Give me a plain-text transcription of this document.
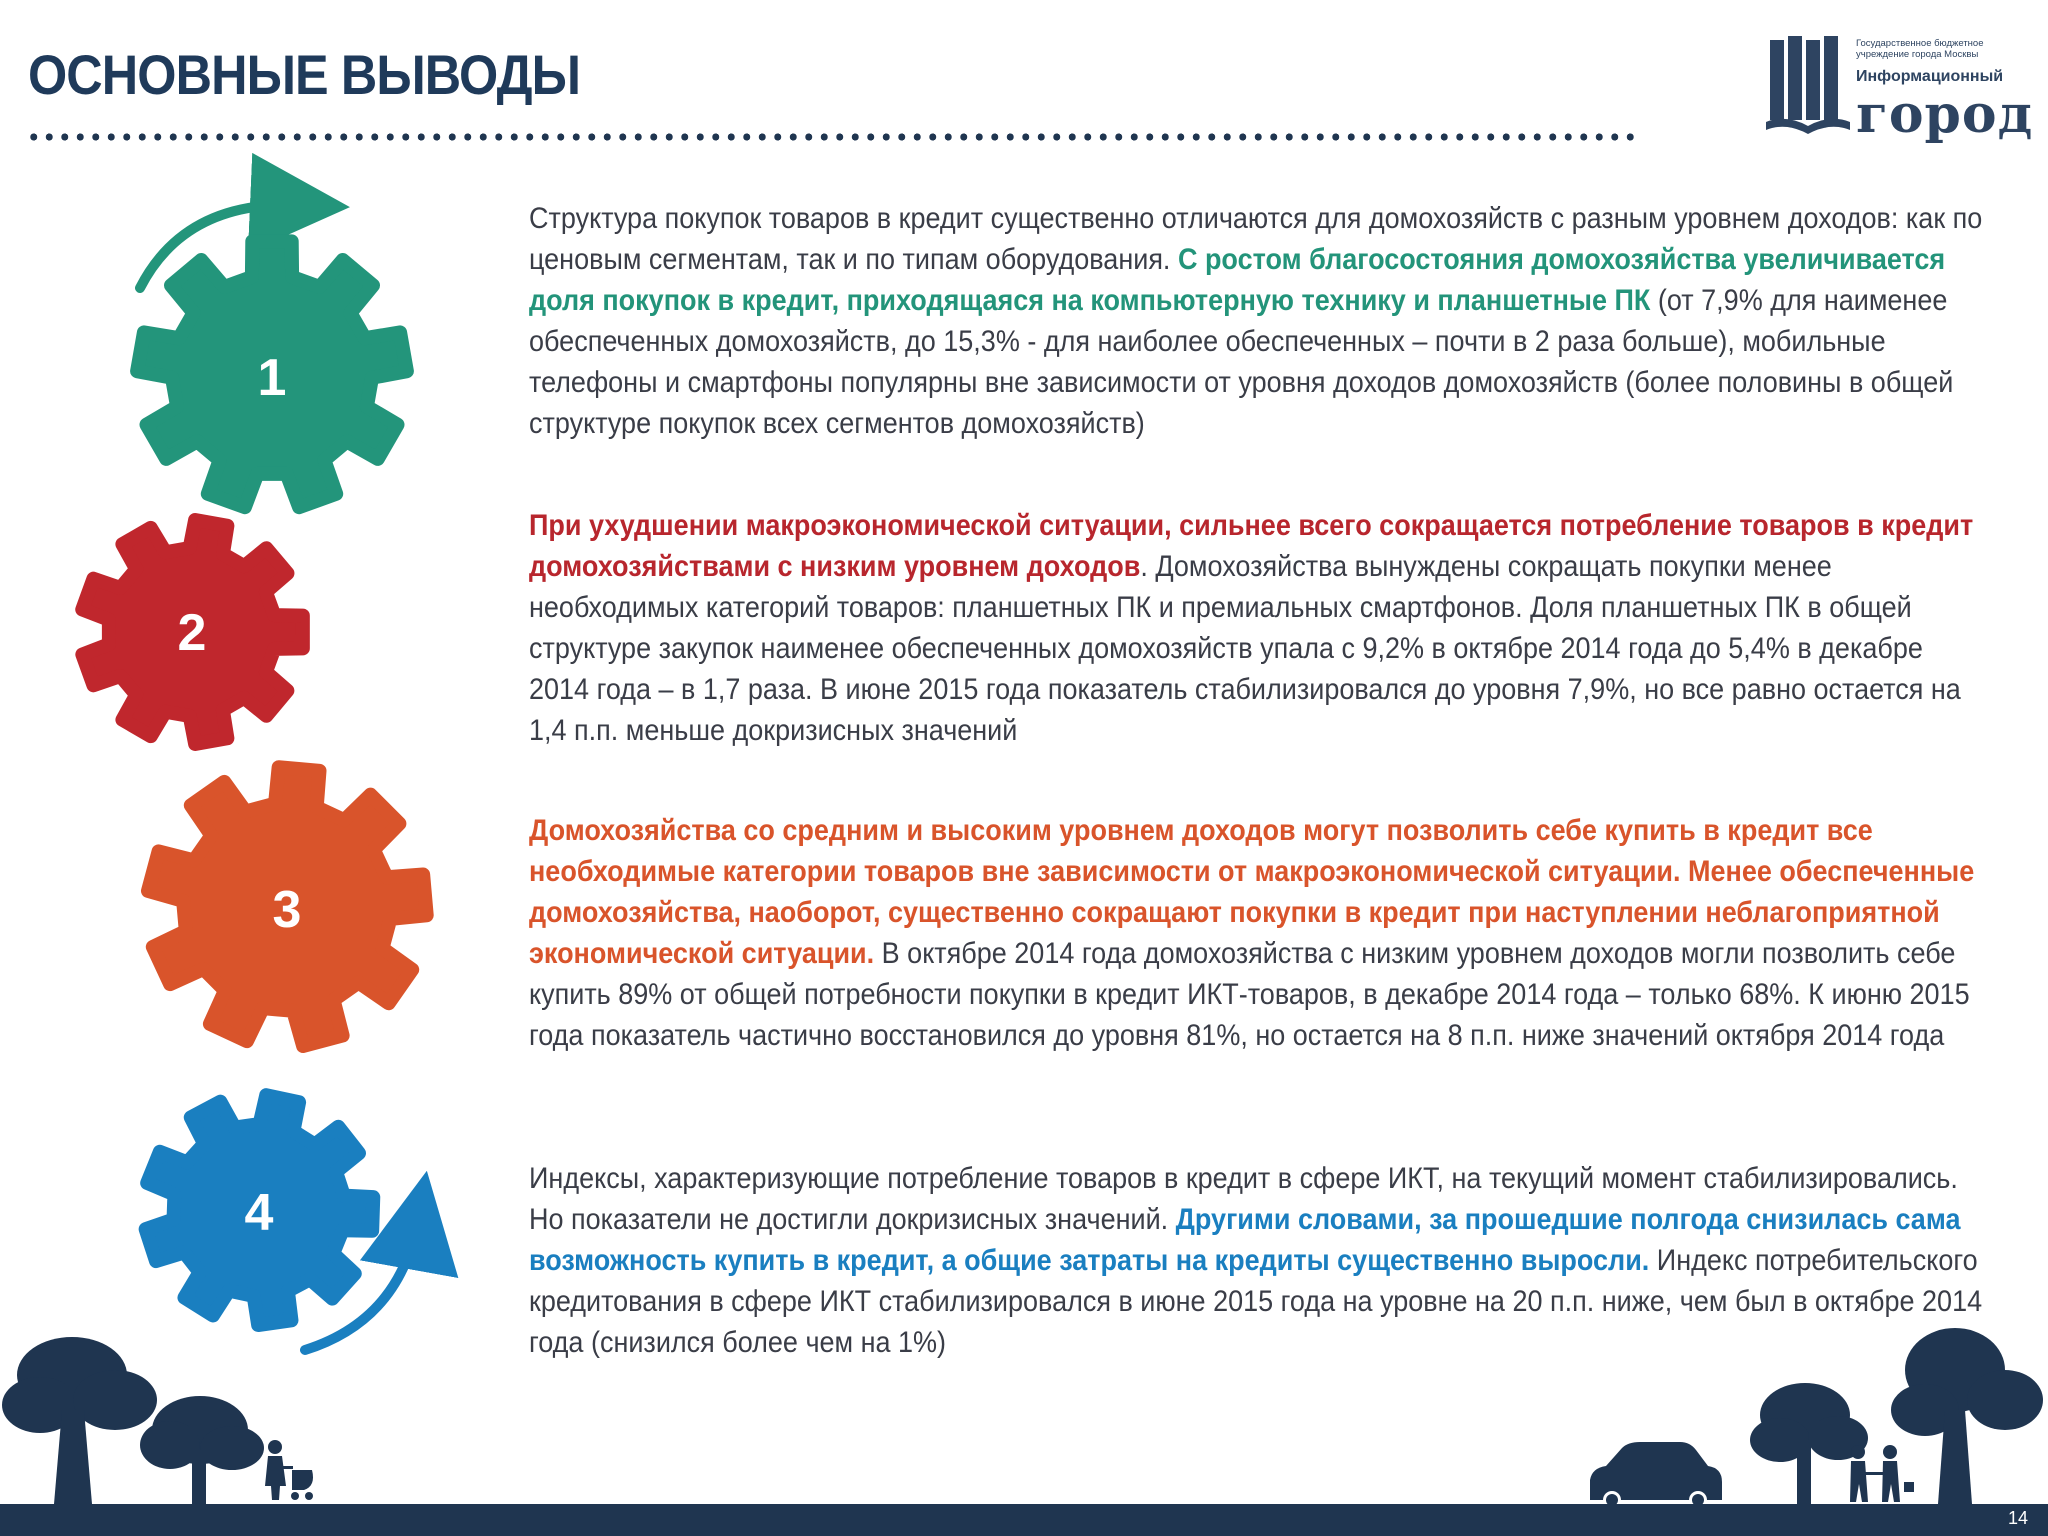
ОСНОВНЫЕ ВЫВОДЫ	Государственное бюджетное
учреждение города Москвы
Информационный
город
1
2
3
4
Структура покупок товаров в кредит существенно отличаются для домохозяйств с разным уровнем доходов: как по ценовым сегментам, так и по типам оборудования. С ростом благосостояния домохозяйства увеличивается доля покупок в кредит, приходящаяся на компьютерную технику и планшетные ПК (от 7,9% для наименее обеспеченных домохозяйств, до 15,3% - для наиболее обеспеченных – почти в 2 раза больше), мобильные телефоны и смартфоны популярны вне зависимости от уровня доходов домохозяйств (более половины в общей структуре покупок всех сегментов домохозяйств)
При ухудшении макроэкономической ситуации, сильнее всего сокращается потребление товаров в кредит домохозяйствами с низким уровнем доходов. Домохозяйства вынуждены сокращать покупки менее необходимых категорий товаров: планшетных ПК и премиальных смартфонов. Доля планшетных ПК в общей структуре закупок наименее обеспеченных домохозяйств упала с 9,2% в октябре 2014 года до 5,4% в декабре 2014 года – в 1,7 раза. В июне 2015 года показатель стабилизировался до уровня 7,9%, но все равно остается на 1,4 п.п. меньше докризисных значений
Домохозяйства со средним и высоким уровнем доходов могут позволить себе купить в кредит все необходимые категории товаров вне зависимости от макроэкономической ситуации. Менее обеспеченные домохозяйства, наоборот, существенно сокращают покупки в кредит при наступлении неблагоприятной экономической ситуации. В октябре 2014 года домохозяйства с низким уровнем доходов могли позволить себе купить 89% от общей потребности покупки в кредит ИКТ-товаров, в декабре 2014 года – только 68%. К июню 2015 года показатель частично восстановился до уровня 81%, но остается на 8 п.п. ниже значений октября 2014 года
Индексы, характеризующие потребление товаров в кредит в сфере ИКТ, на текущий момент стабилизировались. Но показатели не достигли докризисных значений. Другими словами, за прошедшие полгода снизилась сама возможность купить в кредит, а общие затраты на кредиты существенно выросли. Индекс потребительского кредитования в сфере ИКТ стабилизировался в июне 2015 года на уровне на 20 п.п. ниже, чем был в октябре 2014 года (снизился более чем на 1%)
14
